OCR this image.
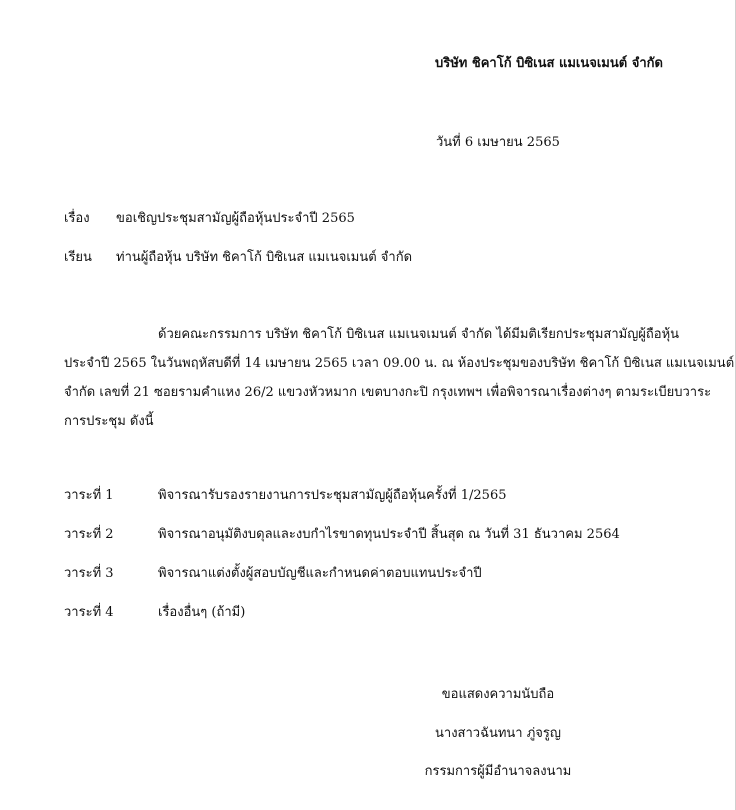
บริษัท ชิคาโก้ บิซิเนส แมเนจเมนต์ จำกัด
วันที่ 6 เมษายน 2565
เรื่อง ขอเชิญประชุมสามัญผู้ถือหุ้นประจำปี 2565
เรียน ท่านผู้ถือหุ้น บริษัท ชิคาโก้ บิซิเนส แมเนจเมนต์ จำกัด
ด้วยคณะกรรมการ บริษัท ชิคาโก้ บิซิเนส แมเนจเมนต์ จำกัด ได้มีมติเรียกประชุมสามัญผู้ถือหุ้น
ประจำปี 2565 ในวันพฤหัสบดีที่ 14 เมษายน 2565 เวลา 09.00 น. ณ ห้องประชุมของบริษัท ชิคาโก้ บิซิเนส แมเนจเมนต์
จำกัด เลขที่ 21 ซอยรามคำแหง 26/2 แขวงหัวหมาก เขตบางกะปิ กรุงเทพฯ เพื่อพิจารณาเรื่องต่างๆ ตามระเบียบวาระ
การประชุม ดังนี้
วาระที่ 1	พิจารณารับรองรายงานการประชุมสามัญผู้ถือหุ้นครั้งที่ 1/2565
วาระที่ 2	พิจารณาอนุมัติงบดุลและงบกำไรขาดทุนประจำปี สิ้นสุด ณ วันที่ 31 ธันวาคม 2564
วาระที่ 3	พิจารณาแต่งตั้งผู้สอบบัญชีและกำหนดค่าตอบแทนประจำปี
วาระที่ 4	เรื่องอื่นๆ (ถ้ามี)
ขอแสดงความนับถือ
นางสาวฉันทนา ภู่จรูญ
กรรมการผู้มีอำนาจลงนาม
